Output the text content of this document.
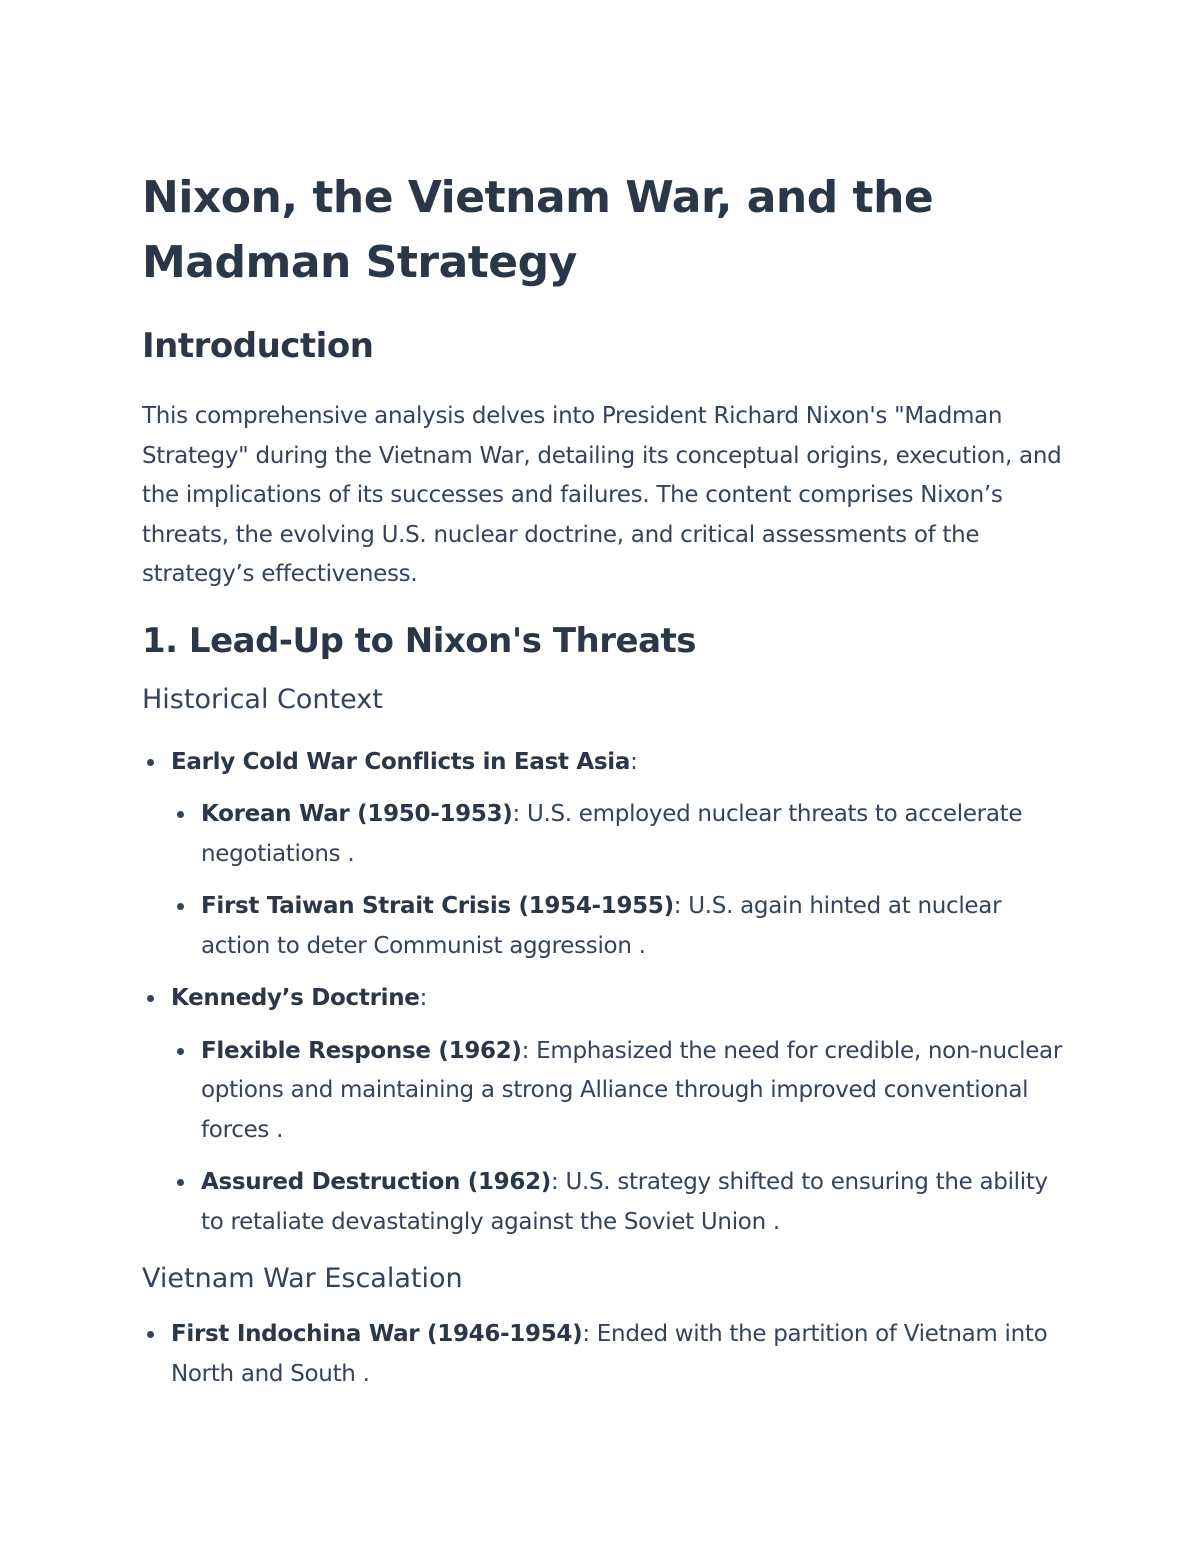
Nixon, the Vietnam War, and the Madman Strategy
Introduction

This comprehensive analysis delves into President Richard Nixon's "Madman Strategy" during the Vietnam War, detailing its conceptual origins, execution, and the implications of its successes and failures. The content comprises Nixon’s threats, the evolving U.S. nuclear doctrine, and critical assessments of the strategy’s effectiveness.

1. Lead-Up to Nixon's Threats
Historical Context
Early Cold War Conflicts in East Asia:
Korean War (1950-1953): U.S. employed nuclear threats to accelerate negotiations .
First Taiwan Strait Crisis (1954-1955): U.S. again hinted at nuclear action to deter Communist aggression .
Kennedy’s Doctrine:
Flexible Response (1962): Emphasized the need for credible, non-nuclear options and maintaining a strong Alliance through improved conventional forces .
Assured Destruction (1962): U.S. strategy shifted to ensuring the ability to retaliate devastatingly against the Soviet Union .
Vietnam War Escalation
First Indochina War (1946-1954): Ended with the partition of Vietnam into North and South .
